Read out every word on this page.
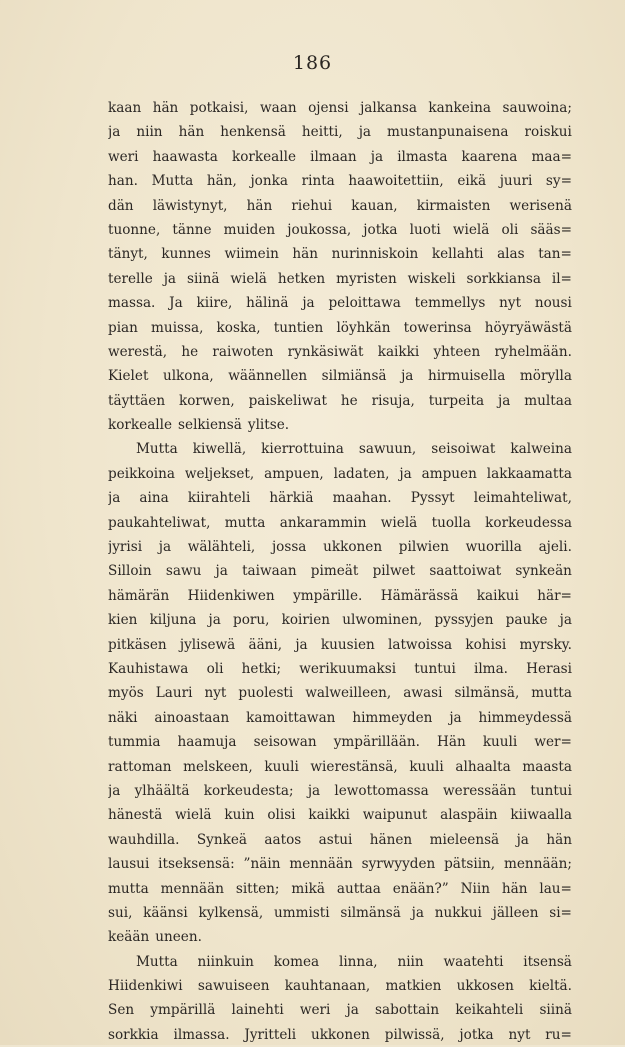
186
kaan hän potkaisi, waan ojensi jalkansa kankeina sauwoina;
ja niin hän henkensä heitti, ja mustanpunaisena roiskui
weri haawasta korkealle ilmaan ja ilmasta kaarena maa=
han. Mutta hän, jonka rinta haawoitettiin, eikä juuri sy=
dän läwistynyt, hän riehui kauan, kirmaisten werisenä
tuonne, tänne muiden joukossa, jotka luoti wielä oli sääs=
tänyt, kunnes wiimein hän nurinniskoin kellahti alas tan=
terelle ja siinä wielä hetken myristen wiskeli sorkkiansa il=
massa. Ja kiire, hälinä ja peloittawa temmellys nyt nousi
pian muissa, koska, tuntien löyhkän towerinsa höyryäwästä
werestä, he raiwoten rynkäsiwät kaikki yhteen ryhelmään.
Kielet ulkona, wäännellen silmiänsä ja hirmuisella mörylla
täyttäen korwen, paiskeliwat he risuja, turpeita ja multaa
korkealle selkiensä ylitse.
Mutta kiwellä, kierrottuina sawuun, seisoiwat kalweina
peikkoina weljekset, ampuen, ladaten, ja ampuen lakkaamatta
ja aina kiirahteli härkiä maahan. Pyssyt leimahteliwat,
paukahteliwat, mutta ankarammin wielä tuolla korkeudessa
jyrisi ja wälähteli, jossa ukkonen pilwien wuorilla ajeli.
Silloin sawu ja taiwaan pimeät pilwet saattoiwat synkeän
hämärän Hiidenkiwen ympärille. Hämärässä kaikui här=
kien kiljuna ja poru, koirien ulwominen, pyssyjen pauke ja
pitkäsen jylisewä ääni, ja kuusien latwoissa kohisi myrsky.
Kauhistawa oli hetki; werikuumaksi tuntui ilma. Herasi
myös Lauri nyt puolesti walweilleen, awasi silmänsä, mutta
näki ainoastaan kamoittawan himmeyden ja himmeydessä
tummia haamuja seisowan ympärillään. Hän kuuli wer=
rattoman melskeen, kuuli wierestänsä, kuuli alhaalta maasta
ja ylhäältä korkeudesta; ja lewottomassa weressään tuntui
hänestä wielä kuin olisi kaikki waipunut alaspäin kiiwaalla
wauhdilla. Synkeä aatos astui hänen mieleensä ja hän
lausui itseksensä: ”näin mennään syrwyyden pätsiin, mennään;
mutta mennään sitten; mikä auttaa enään?” Niin hän lau=
sui, käänsi kylkensä, ummisti silmänsä ja nukkui jälleen si=
keään uneen.
Mutta niinkuin komea linna, niin waatehti itsensä
Hiidenkiwi sawuiseen kauhtanaan, matkien ukkosen kieltä.
Sen ympärillä lainehti weri ja sabottain keikahteli siinä
sorkkia ilmassa. Jyritteli ukkonen pilwissä, jotka nyt ru=
